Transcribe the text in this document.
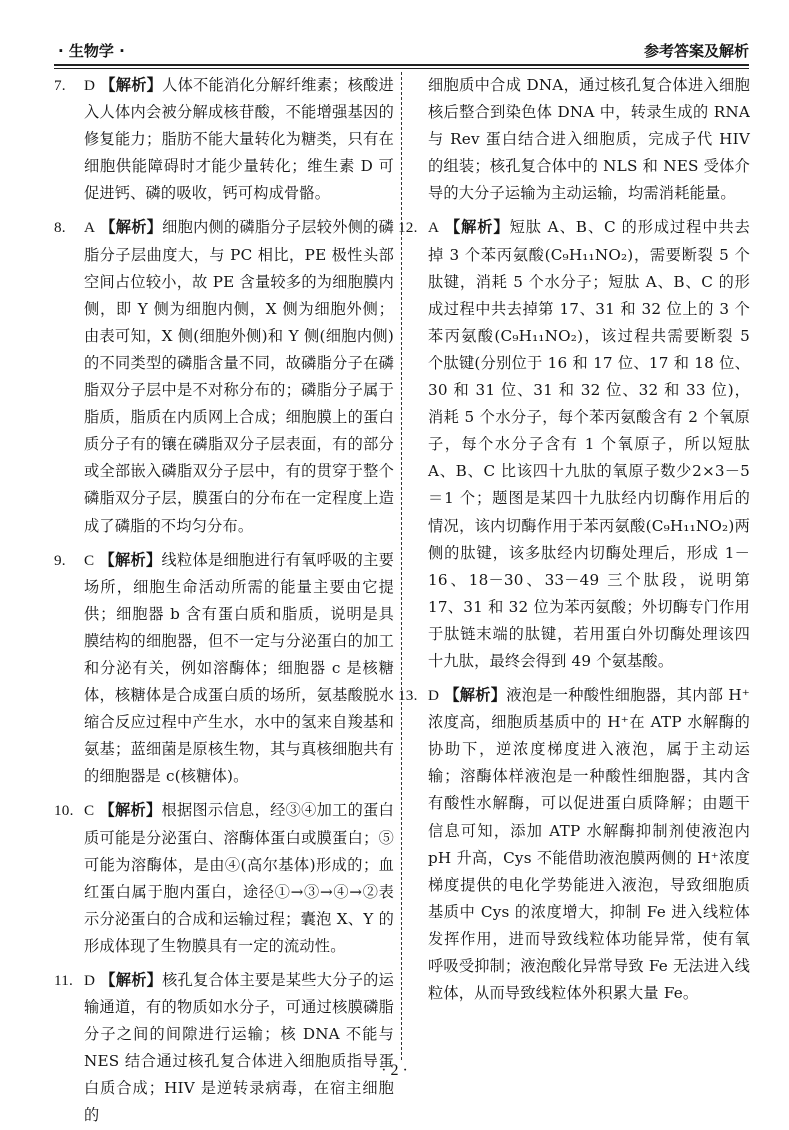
· 生物学 ·	参考答案及解析
7.	D 【解析】人体不能消化分解纤维素；核酸进入人体内会被分解成核苷酸，不能增强基因的修复能力；脂肪不能大量转化为糖类，只有在细胞供能障碍时才能少量转化；维生素 D 可促进钙、磷的吸收，钙可构成骨骼。
8.	A 【解析】细胞内侧的磷脂分子层较外侧的磷脂分子层曲度大，与 PC 相比，PE 极性头部空间占位较小，故 PE 含量较多的为细胞膜内侧，即 Y 侧为细胞内侧，X 侧为细胞外侧；由表可知，X 侧(细胞外侧)和 Y 侧(细胞内侧)的不同类型的磷脂含量不同，故磷脂分子在磷脂双分子层中是不对称分布的；磷脂分子属于脂质，脂质在内质网上合成；细胞膜上的蛋白质分子有的镶在磷脂双分子层表面，有的部分或全部嵌入磷脂双分子层中，有的贯穿于整个磷脂双分子层，膜蛋白的分布在一定程度上造成了磷脂的不均匀分布。
9.	C 【解析】线粒体是细胞进行有氧呼吸的主要场所，细胞生命活动所需的能量主要由它提供；细胞器 b 含有蛋白质和脂质，说明是具膜结构的细胞器，但不一定与分泌蛋白的加工和分泌有关，例如溶酶体；细胞器 c 是核糖体，核糖体是合成蛋白质的场所，氨基酸脱水缩合反应过程中产生水，水中的氢来自羧基和氨基；蓝细菌是原核生物，其与真核细胞共有的细胞器是 c(核糖体)。
10. C 【解析】根据图示信息，经③④加工的蛋白质可能是分泌蛋白、溶酶体蛋白或膜蛋白；⑤可能为溶酶体，是由④(高尔基体)形成的；血红蛋白属于胞内蛋白，途径①→③→④→②表示分泌蛋白的合成和运输过程；囊泡 X、Y 的形成体现了生物膜具有一定的流动性。
11. D 【解析】核孔复合体主要是某些大分子的运输通道，有的物质如水分子，可通过核膜磷脂分子之间的间隙进行运输；核 DNA 不能与 NES 结合通过核孔复合体进入细胞质指导蛋白质合成；HIV 是逆转录病毒，在宿主细胞的
细胞质中合成 DNA，通过核孔复合体进入细胞核后整合到染色体 DNA 中，转录生成的 RNA 与 Rev 蛋白结合进入细胞质，完成子代 HIV 的组装；核孔复合体中的 NLS 和 NES 受体介导的大分子运输为主动运输，均需消耗能量。
12. A 【解析】短肽 A、B、C 的形成过程中共去掉 3 个苯丙氨酸(C₉H₁₁NO₂)，需要断裂 5 个肽键，消耗 5 个水分子；短肽 A、B、C 的形成过程中共去掉第 17、31 和 32 位上的 3 个苯丙氨酸(C₉H₁₁NO₂)，该过程共需要断裂 5 个肽键(分别位于 16 和 17 位、17 和 18 位、30 和 31 位、31 和 32 位、32 和 33 位)，消耗 5 个水分子，每个苯丙氨酸含有 2 个氧原子，每个水分子含有 1 个氧原子，所以短肽 A、B、C 比该四十九肽的氧原子数少2×3－5＝1 个；题图是某四十九肽经内切酶作用后的情况，该内切酶作用于苯丙氨酸(C₉H₁₁NO₂)两侧的肽键，该多肽经内切酶处理后，形成 1－16、18－30、33－49 三个肽段，说明第 17、31 和 32 位为苯丙氨酸；外切酶专门作用于肽链末端的肽键，若用蛋白外切酶处理该四十九肽，最终会得到 49 个氨基酸。
13. D 【解析】液泡是一种酸性细胞器，其内部 H⁺浓度高，细胞质基质中的 H⁺在 ATP 水解酶的协助下，逆浓度梯度进入液泡，属于主动运输；溶酶体样液泡是一种酸性细胞器，其内含有酸性水解酶，可以促进蛋白质降解；由题干信息可知，添加 ATP 水解酶抑制剂使液泡内 pH 升高，Cys 不能借助液泡膜两侧的 H⁺浓度梯度提供的电化学势能进入液泡，导致细胞质基质中 Cys 的浓度增大，抑制 Fe 进入线粒体发挥作用，进而导致线粒体功能异常，使有氧呼吸受抑制；液泡酸化异常导致 Fe 无法进入线粒体，从而导致线粒体外积累大量 Fe。
· 2 ·
